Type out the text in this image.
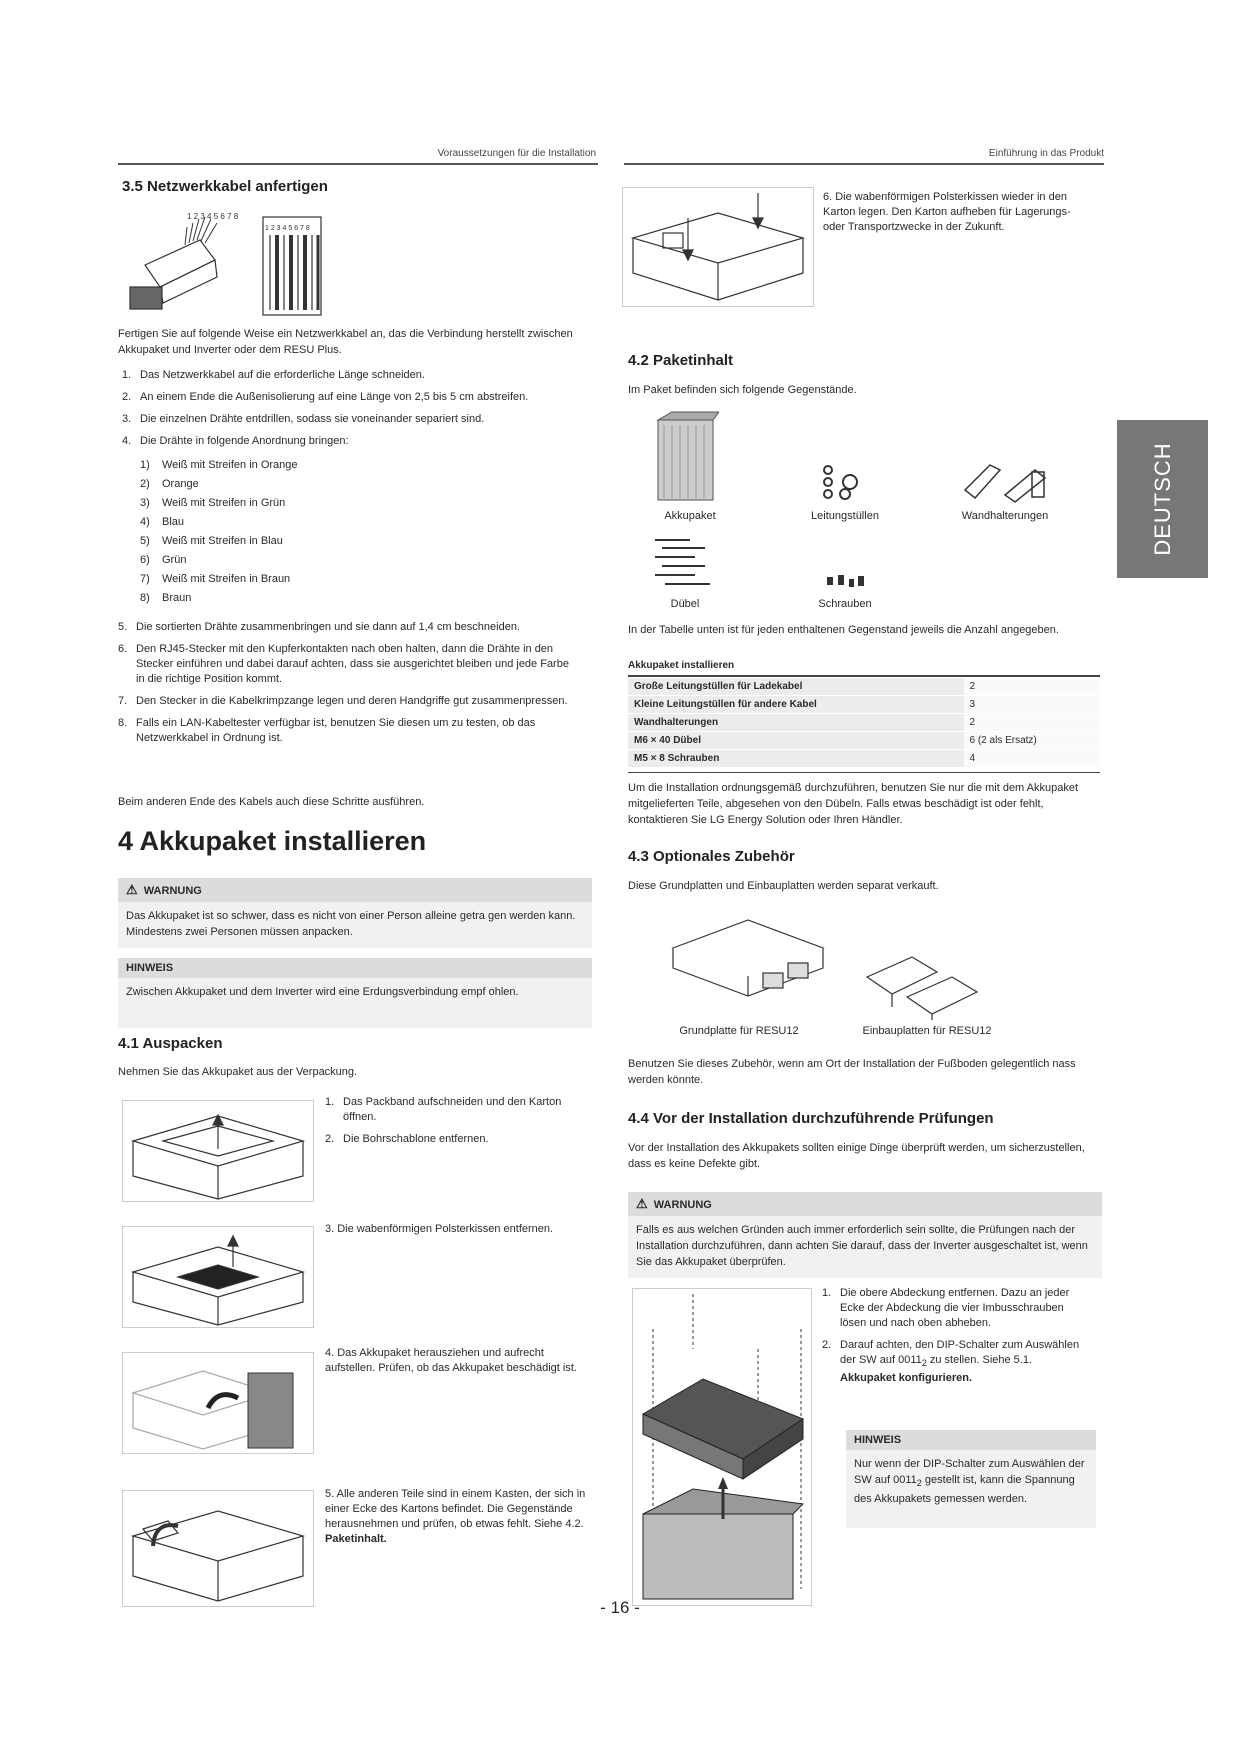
Voraussetzungen für die Installation	Einführung in das Produkt
DEUTSCH
3.5 Netzwerkkabel anfertigen
1 2 3 4 5 6 7 8
1 2 3 4 5 6 7 8
Fertigen Sie auf folgende Weise ein Netzwerkkabel an, das die Verbindung herstellt zwischen Akkupaket und Inverter oder dem RESU Plus.
1. Das Netzwerkkabel auf die erforderliche Länge schneiden.
2. An einem Ende die Außenisolierung auf eine Länge von 2,5 bis 5 cm abstreifen.
3. Die einzelnen Drähte entdrillen, sodass sie voneinander separiert sind.
4. Die Drähte in folgende Anordnung bringen:
1) Weiß mit Streifen in Orange
2) Orange
3) Weiß mit Streifen in Grün
4) Blau
5) Weiß mit Streifen in Blau
6) Grün
7) Weiß mit Streifen in Braun
8) Braun
5. Die sortierten Drähte zusammenbringen und sie dann auf 1,4 cm beschneiden.
6. Den RJ45-Stecker mit den Kupferkontakten nach oben halten, dann die Drähte in den Stecker einführen und dabei darauf achten, dass sie ausgerichtet bleiben und jede Farbe in die richtige Position kommt.
7. Den Stecker in die Kabelkrimpzange legen und deren Handgriffe gut zusammenpressen.
8. Falls ein LAN-Kabeltester verfügbar ist, benutzen Sie diesen um zu testen, ob das Netzwerkkabel in Ordnung ist.
Beim anderen Ende des Kabels auch diese Schritte ausführen.
4 Akkupaket installieren
⚠ WARNUNG
Das Akkupaket ist so schwer, dass es nicht von einer Person alleine getra gen werden kann. Mindestens zwei Personen müssen anpacken.
HINWEIS
Zwischen Akkupaket und dem Inverter wird eine Erdungsverbindung empf ohlen.
4.1 Auspacken
Nehmen Sie das Akkupaket aus der Verpackung.
1. Das Packband aufschneiden und den Karton öffnen.
2. Die Bohrschablone entfernen.
3. Die wabenförmigen Polsterkissen entfernen.
4. Das Akkupaket herausziehen und aufrecht aufstellen. Prüfen, ob das Akkupaket beschädigt ist.
5. Alle anderen Teile sind in einem Kasten, der sich in einer Ecke des Kartons befindet. Die Gegenstände herausnehmen und prüfen, ob etwas fehlt. Siehe 4.2. Paketinhalt.
6. Die wabenförmigen Polsterkissen wieder in den Karton legen. Den Karton aufheben für Lagerungs- oder Transportzwecke in der Zukunft.
4.2 Paketinhalt
Im Paket befinden sich folgende Gegenstände.
Akkupaket	Leitungstüllen	Wandhalterungen
Dübel	Schrauben
In der Tabelle unten ist für jeden enthaltenen Gegenstand jeweils die Anzahl angegeben.
Akkupaket installieren
Große Leitungstüllen für Ladekabel	2
Kleine Leitungstüllen für andere Kabel	3
Wandhalterungen	2
M6 × 40 Dübel	6 (2 als Ersatz)
M5 × 8 Schrauben	4
Um die Installation ordnungsgemäß durchzuführen, benutzen Sie nur die mit dem Akkupaket mitgelieferten Teile, abgesehen von den Dübeln. Falls etwas beschädigt ist oder fehlt, kontaktieren Sie LG Energy Solution oder Ihren Händler.
4.3 Optionales Zubehör
Diese Grundplatten und Einbauplatten werden separat verkauft.
Grundplatte für RESU12	Einbauplatten für RESU12
Benutzen Sie dieses Zubehör, wenn am Ort der Installation der Fußboden gelegentlich nass werden könnte.
4.4 Vor der Installation durchzuführende Prüfungen
Vor der Installation des Akkupakets sollten einige Dinge überprüft werden, um sicherzustellen, dass es keine Defekte gibt.
⚠ WARNUNG
Falls es aus welchen Gründen auch immer erforderlich sein sollte, die Prüfungen nach der Installation durchzuführen, dann achten Sie darauf, dass der Inverter ausgeschaltet ist, wenn Sie das Akkupaket überprüfen.
1. Die obere Abdeckung entfernen. Dazu an jeder Ecke der Abdeckung die vier Imbusschrauben lösen und nach oben abheben.
2. Darauf achten, den DIP-Schalter zum Auswählen der SW auf $0011_2$ zu stellen. Siehe 5.1. Akkupaket konfigurieren.
HINWEIS
Nur wenn der DIP-Schalter zum Auswählen der SW auf $0011_2$ gestellt ist, kann die Spannung des Akkupakets gemessen werden.
- 16 -
